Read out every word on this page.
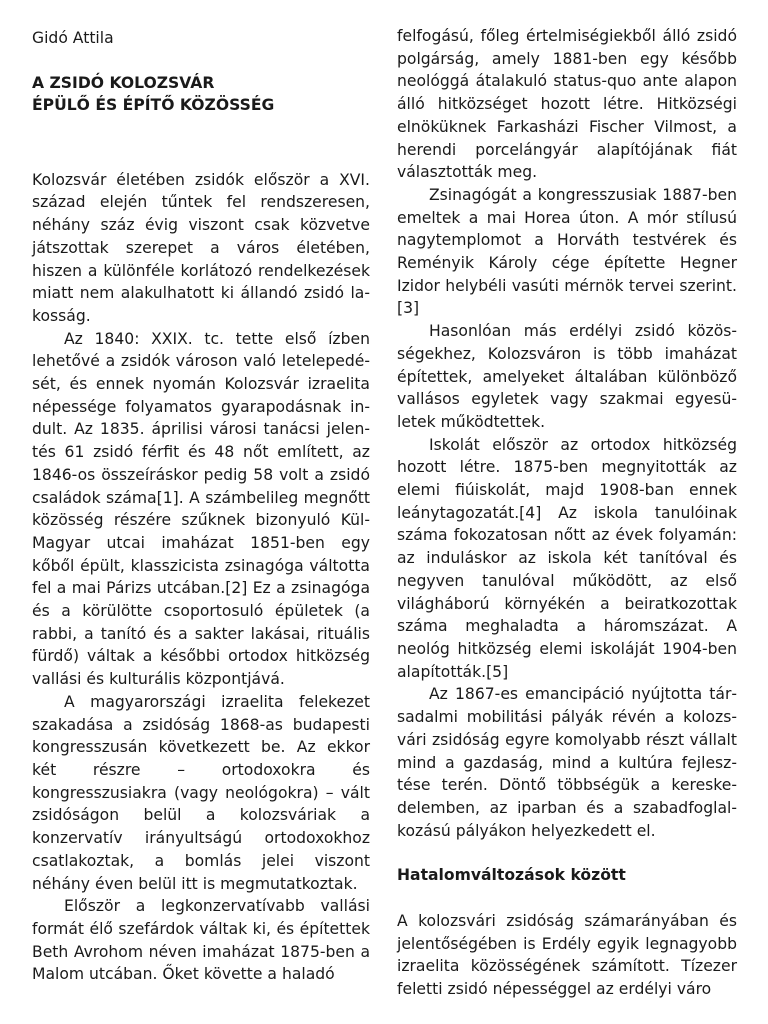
Gidó Attila

A ZSIDÓ KOLOZSVÁR
ÉPÜLŐ ÉS ÉPÍTŐ KÖZÖSSÉG

Kolozsvár életében zsidók először a XVI. század elején tűntek fel rendszeresen, néhány száz évig viszont csak közvetve játszottak szerepet a város életében, hiszen a különféle korlátozó rendelkezések miatt nem alakulhatott ki állandó zsidó lakosság.

Az 1840: XXIX. tc. tette első ízben lehetővé a zsidók városon való letelepedését, és ennek nyomán Kolozsvár izraelita népessége folyamatos gyarapodásnak indult. Az 1835. áprilisi városi tanácsi jelentés 61 zsidó férfit és 48 nőt említett, az 1846-os összeíráskor pedig 58 volt a zsidó családok száma[1]. A számbelileg megnőtt közösség részére szűknek bizonyuló Kül-Magyar utcai imaházat 1851-ben egy kőből épült, klasszicista zsinagóga váltotta fel a mai Párizs utcában.[2] Ez a zsinagóga és a körülötte csoportosuló épületek (a rabbi, a tanító és a sakter lakásai, rituális fürdő) váltak a későbbi ortodox hitközség vallási és kulturális központjává.

A magyarországi izraelita felekezet szakadása a zsidóság 1868-as budapesti kongresszusán következett be. Az ekkor két részre – ortodoxokra és kongresszusiakra (vagy neológokra) – vált zsidóságon belül a kolozsváriak a konzervatív irányultságú ortodoxokhoz csatlakoztak, a bomlás jelei viszont néhány éven belül itt is megmutatkoztak.

Először a legkonzervatívabb vallási formát élő szefárdok váltak ki, és építettek Beth Avrohom néven imaházat 1875-ben a Malom utcában. Őket követte a haladó

felfogású, főleg értelmiségiekből álló zsidó polgárság, amely 1881-ben egy később neológgá átalakuló status-quo ante alapon álló hitközséget hozott létre. Hitközségi elnöküknek Farkasházi Fischer Vilmost, a herendi porcelángyár alapítójának fiát választották meg.

Zsinagógát a kongresszusiak 1887-ben emeltek a mai Horea úton. A mór stílusú nagytemplomot a Horváth testvérek és Reményik Károly cége építette Hegner Izidor helybéli vasúti mérnök tervei szerint.[3]

Hasonlóan más erdélyi zsidó közösségekhez, Kolozsváron is több imaházat építettek, amelyeket általában különböző vallásos egyletek vagy szakmai egyesületek működtettek.

Iskolát először az ortodox hitközség hozott létre. 1875-ben megnyitották az elemi fiúiskolát, majd 1908-ban ennek leánytagozatát.[4] Az iskola tanulóinak száma fokozatosan nőtt az évek folyamán: az induláskor az iskola két tanítóval és negyven tanulóval működött, az első világháború környékén a beiratkozottak száma meghaladta a háromszázat. A neológ hitközség elemi iskoláját 1904-ben alapították.[5]

Az 1867-es emancipáció nyújtotta társadalmi mobilitási pályák révén a kolozsvári zsidóság egyre komolyabb részt vállalt mind a gazdaság, mind a kultúra fejlesztése terén. Döntő többségük a kereskedelemben, az iparban és a szabadfoglalkozású pályákon helyezkedett el.

Hatalomváltozások között

A kolozsvári zsidóság számarányában és jelentőségében is Erdély egyik legnagyobb izraelita közösségének számított. Tízezer feletti zsidó népességgel az erdélyi váro
